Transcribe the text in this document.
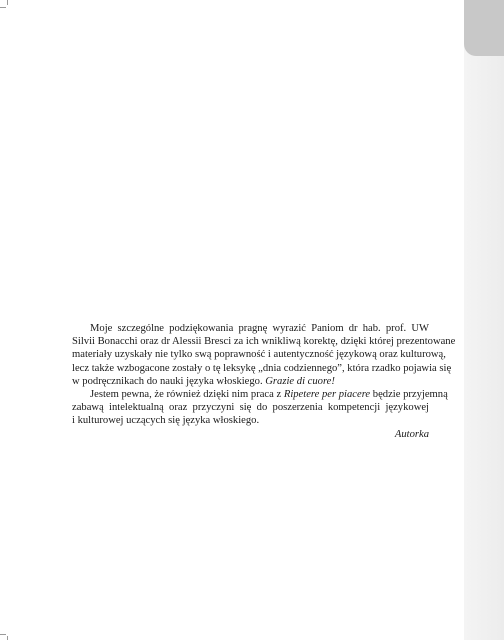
Moje szczególne podziękowania pragnę wyrazić Paniom dr hab. prof. UW
Silvii Bonacchi oraz dr Alessii Bresci za ich wnikliwą korektę, dzięki której prezentowane
materiały uzyskały nie tylko swą poprawność i autentyczność językową oraz kulturową,
lecz także wzbogacone zostały o tę leksykę „dnia codziennego”, która rzadko pojawia się
w podręcznikach do nauki języka włoskiego. Grazie di cuore!

Jestem pewna, że również dzięki nim praca z Ripetere per piacere będzie przyjemną
zabawą intelektualną oraz przyczyni się do poszerzenia kompetencji językowej
i kulturowej uczących się języka włoskiego.

Autorka
